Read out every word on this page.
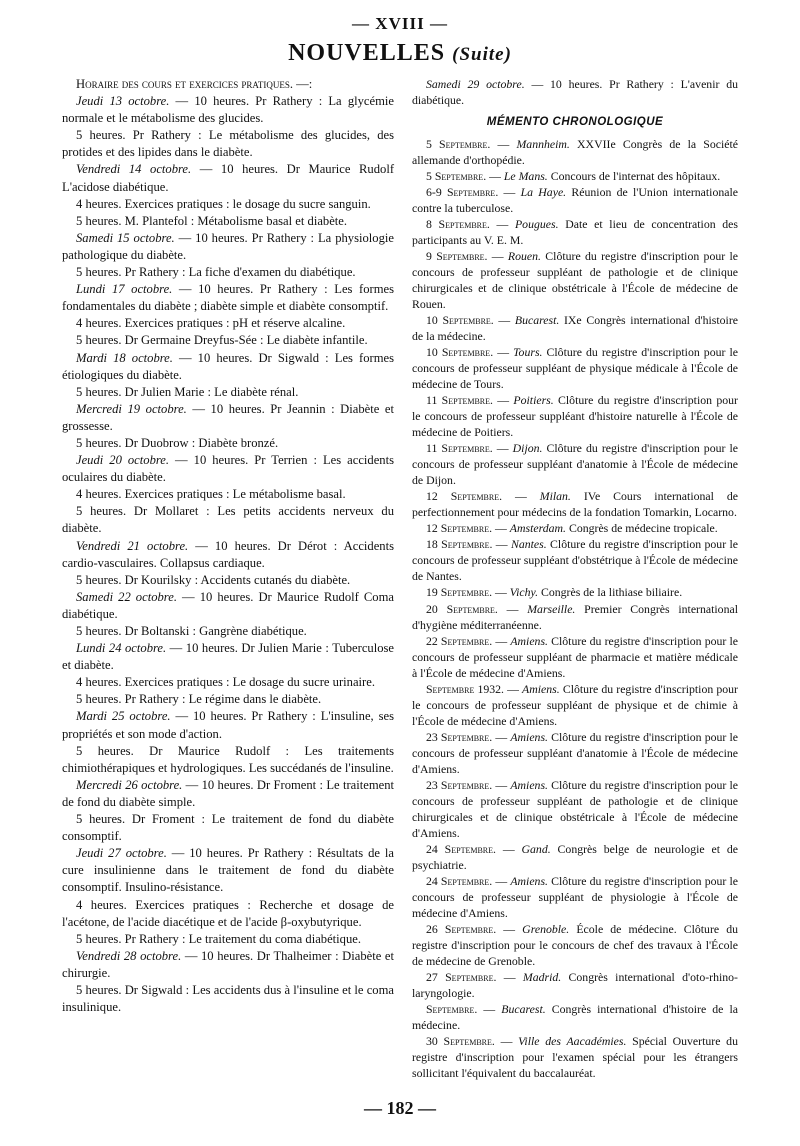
— XVIII —
NOUVELLES (Suite)

Horaire des cours et exercices pratiques. —:

Jeudi 13 octobre. — 10 heures. Pr Rathery : La glycémie normale et le métabolisme des glucides.

5 heures. Pr Rathery : Le métabolisme des glucides, des protides et des lipides dans le diabète.

Vendredi 14 octobre. — 10 heures. Dr Maurice Rudolf L'acidose diabétique.

4 heures. Exercices pratiques : le dosage du sucre sanguin.

5 heures. M. Plantefol : Métabolisme basal et diabète.

Samedi 15 octobre. — 10 heures. Pr Rathery : La physiologie pathologique du diabète.

5 heures. Pr Rathery : La fiche d'examen du diabétique.

Lundi 17 octobre. — 10 heures. Pr Rathery : Les formes fondamentales du diabète ; diabète simple et diabète consomptif.

4 heures. Exercices pratiques : pH et réserve alcaline.

5 heures. Dr Germaine Dreyfus-Sée : Le diabète infantile.

Mardi 18 octobre. — 10 heures. Dr Sigwald : Les formes étiologiques du diabète.

5 heures. Dr Julien Marie : Le diabète rénal.

Mercredi 19 octobre. — 10 heures. Pr Jeannin : Diabète et grossesse.

5 heures. Dr Duobrow : Diabète bronzé.

Jeudi 20 octobre. — 10 heures. Pr Terrien : Les accidents oculaires du diabète.

4 heures. Exercices pratiques : Le métabolisme basal.

5 heures. Dr Mollaret : Les petits accidents nerveux du diabète.

Vendredi 21 octobre. — 10 heures. Dr Dérot : Accidents cardio-vasculaires. Collapsus cardiaque.

5 heures. Dr Kourilsky : Accidents cutanés du diabète.

Samedi 22 octobre. — 10 heures. Dr Maurice Rudolf Coma diabétique.

5 heures. Dr Boltanski : Gangrène diabétique.

Lundi 24 octobre. — 10 heures. Dr Julien Marie : Tuberculose et diabète.

4 heures. Exercices pratiques : Le dosage du sucre urinaire.

5 heures. Pr Rathery : Le régime dans le diabète.

Mardi 25 octobre. — 10 heures. Pr Rathery : L'insuline, ses propriétés et son mode d'action.

5 heures. Dr Maurice Rudolf : Les traitements chimiothérapiques et hydrologiques. Les succédanés de l'insuline.

Mercredi 26 octobre. — 10 heures. Dr Froment : Le traitement de fond du diabète simple.

5 heures. Dr Froment : Le traitement de fond du diabète consomptif.

Jeudi 27 octobre. — 10 heures. Pr Rathery : Résultats de la cure insulinienne dans le traitement de fond du diabète consomptif. Insulino-résistance.

4 heures. Exercices pratiques : Recherche et dosage de l'acétone, de l'acide diacétique et de l'acide β-oxybutyrique.

5 heures. Pr Rathery : Le traitement du coma diabétique.

Vendredi 28 octobre. — 10 heures. Dr Thalheimer : Diabète et chirurgie.

5 heures. Dr Sigwald : Les accidents dus à l'insuline et le coma insulinique.

Samedi 29 octobre. — 10 heures. Pr Rathery : L'avenir du diabétique.

MÉMENTO CHRONOLOGIQUE

5 Septembre. — Mannheim. XXVIIe Congrès de la Société allemande d'orthopédie.

5 Septembre. — Le Mans. Concours de l'internat des hôpitaux.

6-9 Septembre. — La Haye. Réunion de l'Union internationale contre la tuberculose.

8 Septembre. — Pougues. Date et lieu de concentration des participants au V. E. M.

9 Septembre. — Rouen. Clôture du registre d'inscription pour le concours de professeur suppléant de pathologie et de clinique chirurgicales et de clinique obstétricale à l'École de médecine de Rouen.

10 Septembre. — Bucarest. IXe Congrès international d'histoire de la médecine.

10 Septembre. — Tours. Clôture du registre d'inscription pour le concours de professeur suppléant de physique médicale à l'École de médecine de Tours.

11 Septembre. — Poitiers. Clôture du registre d'inscription pour le concours de professeur suppléant d'histoire naturelle à l'École de médecine de Poitiers.

11 Septembre. — Dijon. Clôture du registre d'inscription pour le concours de professeur suppléant d'anatomie à l'École de médecine de Dijon.

12 Septembre. — Milan. IVe Cours international de perfectionnement pour médecins de la fondation Tomarkin, Locarno.

12 Septembre. — Amsterdam. Congrès de médecine tropicale.

18 Septembre. — Nantes. Clôture du registre d'inscription pour le concours de professeur suppléant d'obstétrique à l'École de médecine de Nantes.

19 Septembre. — Vichy. Congrès de la lithiase biliaire.

20 Septembre. — Marseille. Premier Congrès international d'hygiène méditerranéenne.

22 Septembre. — Amiens. Clôture du registre d'inscription pour le concours de professeur suppléant de pharmacie et matière médicale à l'École de médecine d'Amiens.

Septembre 1932. — Amiens. Clôture du registre d'inscription pour le concours de professeur suppléant de physique et de chimie à l'École de médecine d'Amiens.

23 Septembre. — Amiens. Clôture du registre d'inscription pour le concours de professeur suppléant d'anatomie à l'École de médecine d'Amiens.

23 Septembre. — Amiens. Clôture du registre d'inscription pour le concours de professeur suppléant de pathologie et de clinique chirurgicales et de clinique obstétricale à l'École de médecine d'Amiens.

24 Septembre. — Gand. Congrès belge de neurologie et de psychiatrie.

24 Septembre. — Amiens. Clôture du registre d'inscription pour le concours de professeur suppléant de physiologie à l'École de médecine d'Amiens.

26 Septembre. — Grenoble. École de médecine. Clôture du registre d'inscription pour le concours de chef des travaux à l'École de médecine de Grenoble.

27 Septembre. — Madrid. Congrès international d'oto-rhino-laryngologie.

Septembre. — Bucarest. Congrès international d'histoire de la médecine.

30 Septembre. — Ville des Aacadémies. Spécial Ouverture du registre d'inscription pour l'examen spécial pour les étrangers sollicitant l'équivalent du baccalauréat.

— 182 —
